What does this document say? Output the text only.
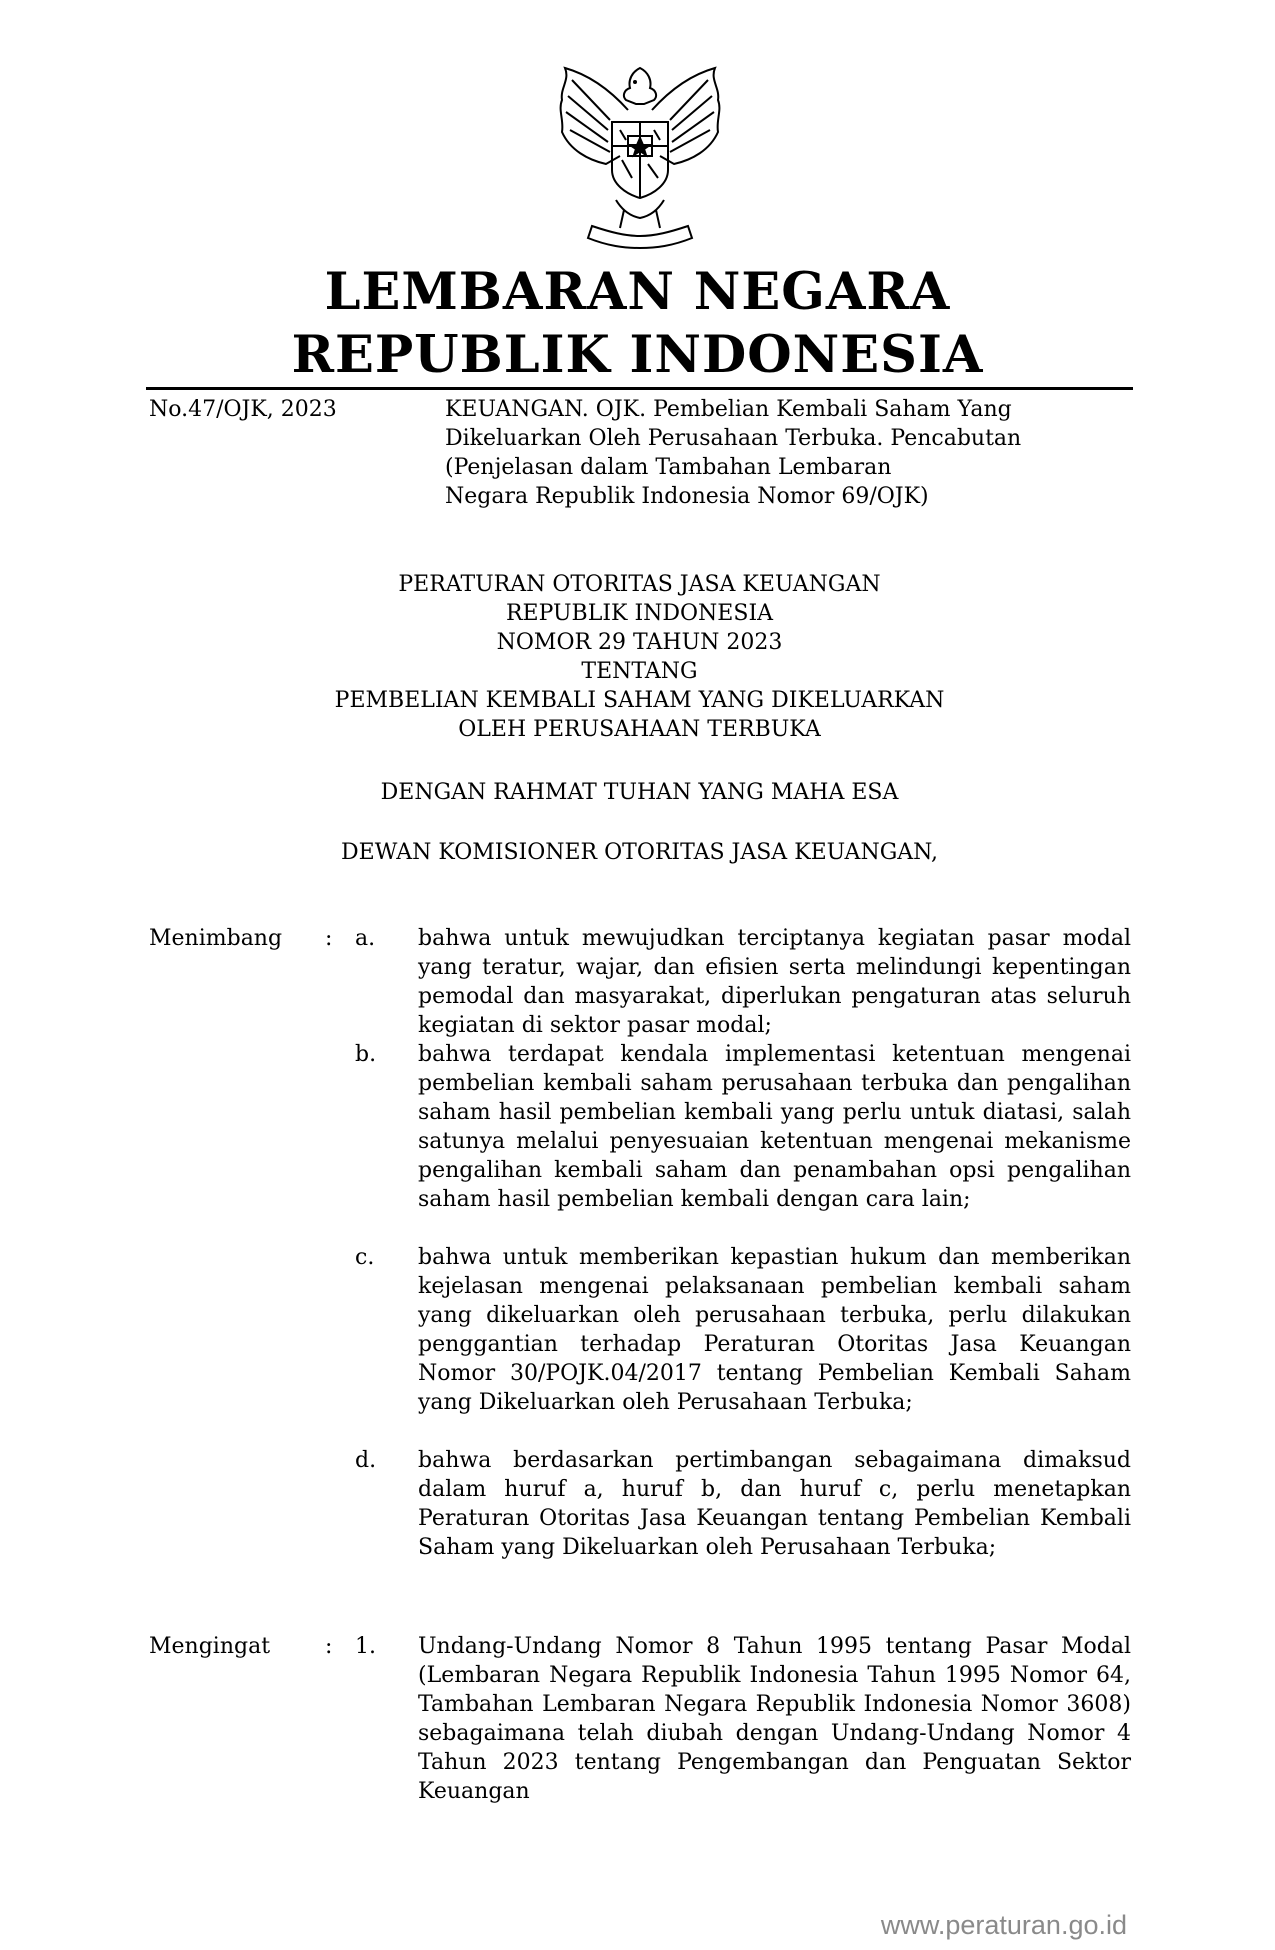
LEMBARAN NEGARA
REPUBLIK INDONESIA
No.47/OJK, 2023	KEUANGAN. OJK. Pembelian Kembali Saham Yang
Dikeluarkan Oleh Perusahaan Terbuka. Pencabutan
(Penjelasan dalam Tambahan Lembaran
Negara Republik Indonesia Nomor 69/OJK)
PERATURAN OTORITAS JASA KEUANGAN
REPUBLIK INDONESIA
NOMOR 29 TAHUN 2023
TENTANG
PEMBELIAN KEMBALI SAHAM YANG DIKELUARKAN
OLEH PERUSAHAAN TERBUKA
DENGAN RAHMAT TUHAN YANG MAHA ESA
DEWAN KOMISIONER OTORITAS JASA KEUANGAN,
Menimbang : a.	bahwa untuk mewujudkan terciptanya kegiatan pasar modal yang teratur, wajar, dan efisien serta melindungi kepentingan pemodal dan masyarakat, diperlukan pengaturan atas seluruh kegiatan di sektor pasar modal;
b.	bahwa terdapat kendala implementasi ketentuan mengenai pembelian kembali saham perusahaan terbuka dan pengalihan saham hasil pembelian kembali yang perlu untuk diatasi, salah satunya melalui penyesuaian ketentuan mengenai mekanisme pengalihan kembali saham dan penambahan opsi pengalihan saham hasil pembelian kembali dengan cara lain;
c.	bahwa untuk memberikan kepastian hukum dan memberikan kejelasan mengenai pelaksanaan pembelian kembali saham yang dikeluarkan oleh perusahaan terbuka, perlu dilakukan penggantian terhadap Peraturan Otoritas Jasa Keuangan Nomor 30/POJK.04/2017 tentang Pembelian Kembali Saham yang Dikeluarkan oleh Perusahaan Terbuka;
d.	bahwa berdasarkan pertimbangan sebagaimana dimaksud dalam huruf a, huruf b, dan huruf c, perlu menetapkan Peraturan Otoritas Jasa Keuangan tentang Pembelian Kembali Saham yang Dikeluarkan oleh Perusahaan Terbuka;
Mengingat : 1.	Undang-Undang Nomor 8 Tahun 1995 tentang Pasar Modal (Lembaran Negara Republik Indonesia Tahun 1995 Nomor 64, Tambahan Lembaran Negara Republik Indonesia Nomor 3608) sebagaimana telah diubah dengan Undang-Undang Nomor 4 Tahun 2023 tentang Pengembangan dan Penguatan Sektor Keuangan
www.peraturan.go.id
